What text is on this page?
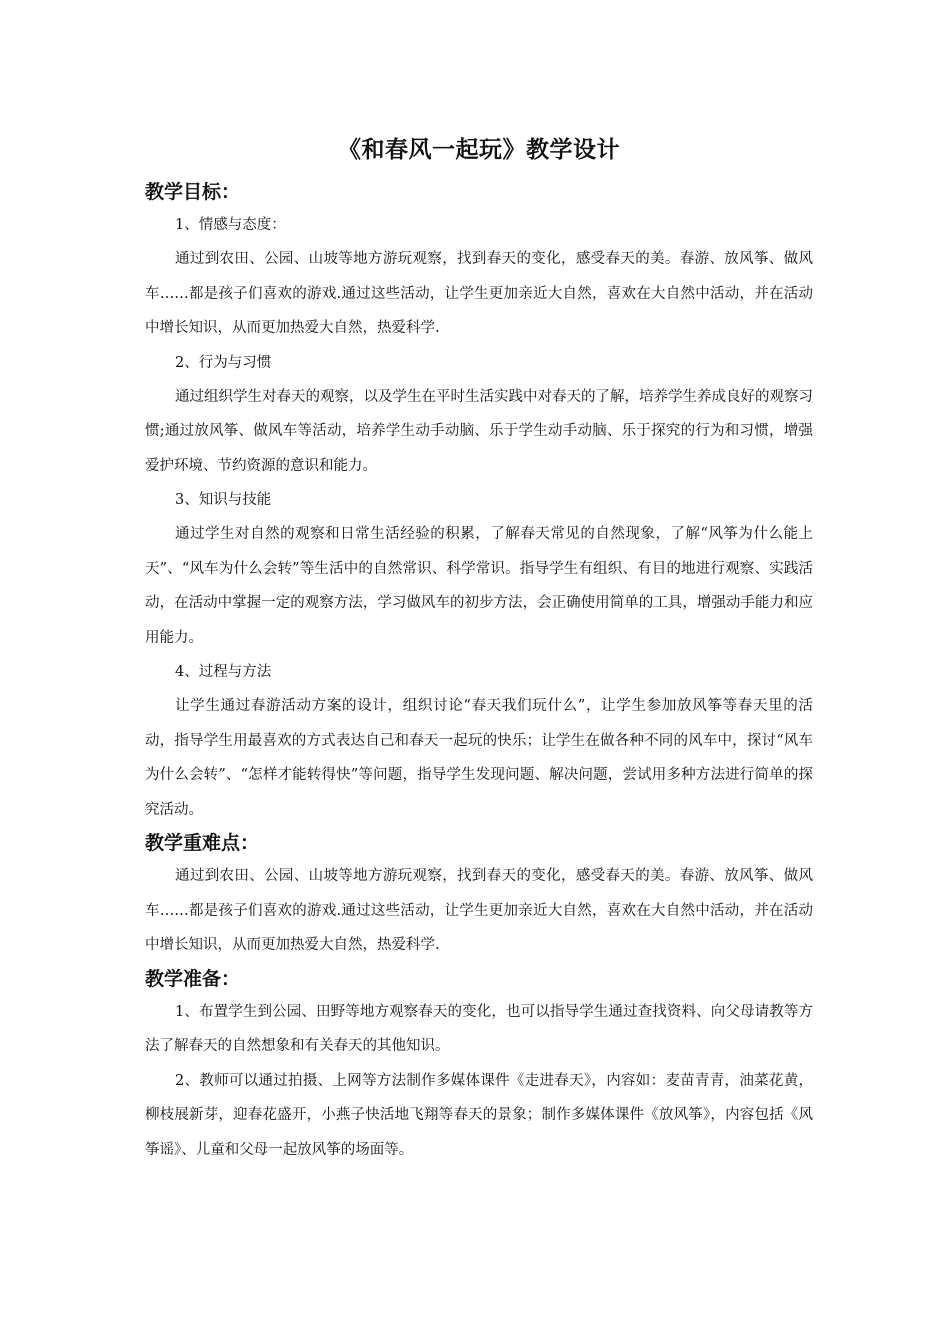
《和春风一起玩》教学设计
教学目标：

1、情感与态度：

通过到农田、公园、山坡等地方游玩观察，找到春天的变化，感受春天的美。春游、放风筝、做风车……都是孩子们喜欢的游戏.通过这些活动，让学生更加亲近大自然，喜欢在大自然中活动，并在活动中增长知识，从而更加热爱大自然，热爱科学.

2、行为与习惯

通过组织学生对春天的观察，以及学生在平时生活实践中对春天的了解，培养学生养成良好的观察习惯;通过放风筝、做风车等活动，培养学生动手动脑、乐于学生动手动脑、乐于探究的行为和习惯，增强爱护环境、节约资源的意识和能力。

3、知识与技能

通过学生对自然的观察和日常生活经验的积累，了解春天常见的自然现象，了解“风筝为什么能上天”、“风车为什么会转”等生活中的自然常识、科学常识。指导学生有组织、有目的地进行观察、实践活动，在活动中掌握一定的观察方法，学习做风车的初步方法，会正确使用简单的工具，增强动手能力和应用能力。

4、过程与方法

让学生通过春游活动方案的设计，组织讨论“春天我们玩什么”，让学生参加放风筝等春天里的活动，指导学生用最喜欢的方式表达自己和春天一起玩的快乐；让学生在做各种不同的风车中，探讨“风车为什么会转”、“怎样才能转得快”等问题，指导学生发现问题、解决问题，尝试用多种方法进行简单的探究活动。

教学重难点：

通过到农田、公园、山坡等地方游玩观察，找到春天的变化，感受春天的美。春游、放风筝、做风车……都是孩子们喜欢的游戏.通过这些活动，让学生更加亲近大自然，喜欢在大自然中活动，并在活动中增长知识，从而更加热爱大自然，热爱科学.

教学准备：

1、布置学生到公园、田野等地方观察春天的变化，也可以指导学生通过查找资料、向父母请教等方法了解春天的自然想象和有关春天的其他知识。

2、教师可以通过拍摄、上网等方法制作多媒体课件《走进春天》，内容如：麦苗青青，油菜花黄，柳枝展新芽，迎春花盛开，小燕子快活地飞翔等春天的景象；制作多媒体课件《放风筝》，内容包括《风筝谣》、儿童和父母一起放风筝的场面等。
